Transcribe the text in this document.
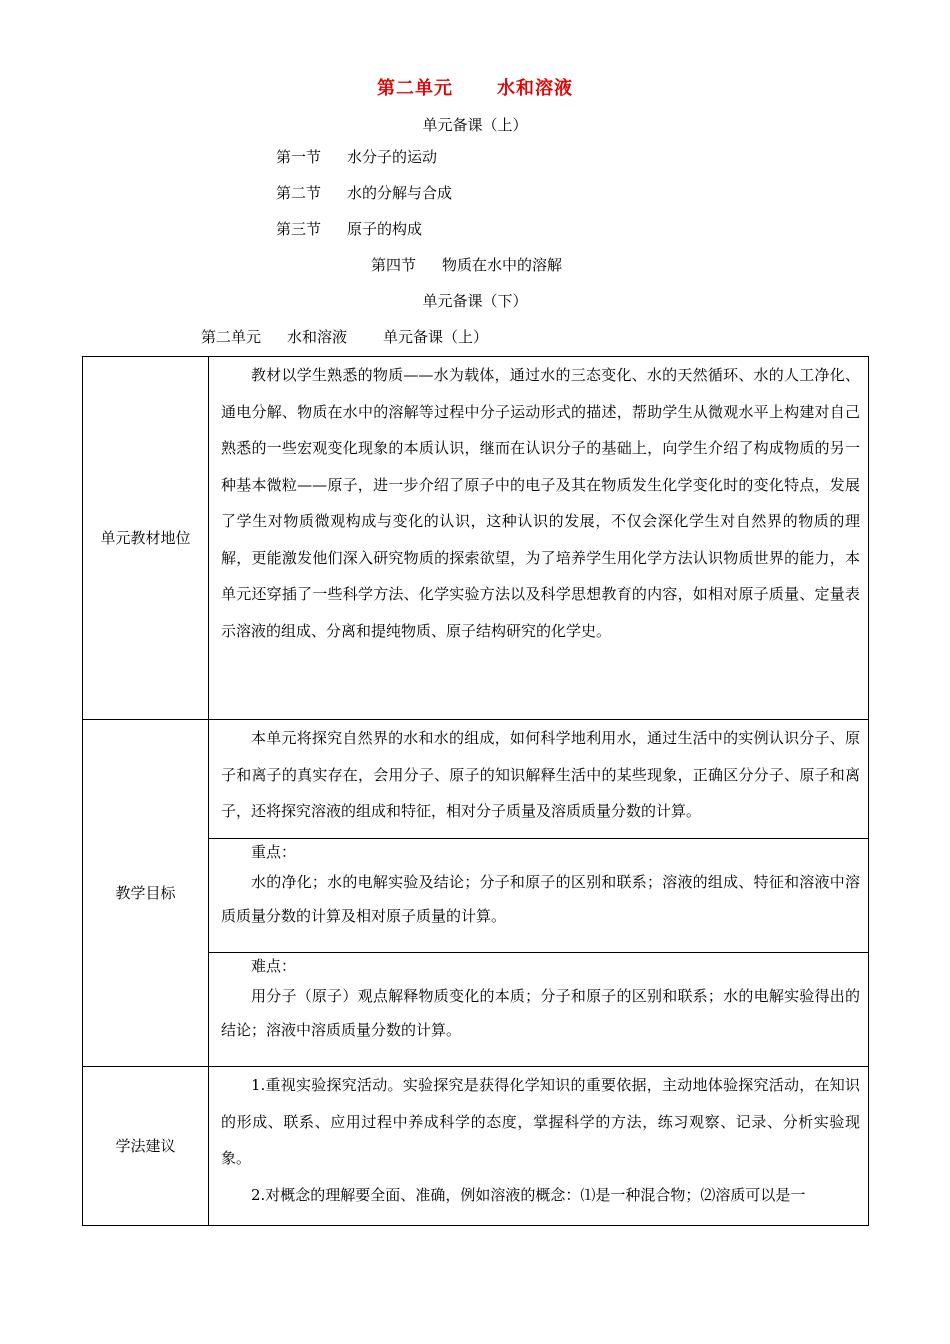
第二单元 水和溶液
单元备课（上）
第一节 水分子的运动
第二节 水的分解与合成
第三节 原子的构成
第四节 物质在水中的溶解
单元备课（下）
第二单元 水和溶液 单元备课（上）
单元教材地位	教材以学生熟悉的物质——水为载体，通过水的三态变化、水的天然循环、水的人工净化、通电分解、物质在水中的溶解等过程中分子运动形式的描述，帮助学生从微观水平上构建对自己熟悉的一些宏观变化现象的本质认识，继而在认识分子的基础上，向学生介绍了构成物质的另一种基本微粒——原子，进一步介绍了原子中的电子及其在物质发生化学变化时的变化特点，发展了学生对物质微观构成与变化的认识，这种认识的发展，不仅会深化学生对自然界的物质的理解，更能激发他们深入研究物质的探索欲望，为了培养学生用化学方法认识物质世界的能力，本单元还穿插了一些科学方法、化学实验方法以及科学思想教育的内容，如相对原子质量、定量表示溶液的组成、分离和提纯物质、原子结构研究的化学史。

教学目标	本单元将探究自然界的水和水的组成，如何科学地利用水，通过生活中的实例认识分子、原子和离子的真实存在，会用分子、原子的知识解释生活中的某些现象，正确区分分子、原子和离子，还将探究溶液的组成和特征，相对分子质量及溶质质量分数的计算。

	重点：
水的净化；水的电解实验及结论；分子和原子的区别和联系；溶液的组成、特征和溶液中溶质质量分数的计算及相对原子质量的计算。

	难点：
用分子（原子）观点解释物质变化的本质；分子和原子的区别和联系；水的电解实验得出的结论；溶液中溶质质量分数的计算。

学法建议	1.重视实验探究活动。实验探究是获得化学知识的重要依据，主动地体验探究活动，在知识的形成、联系、应用过程中养成科学的态度，掌握科学的方法，练习观察、记录、分析实验现象。
2.对概念的理解要全面、准确，例如溶液的概念：⑴是一种混合物；⑵溶质可以是一
